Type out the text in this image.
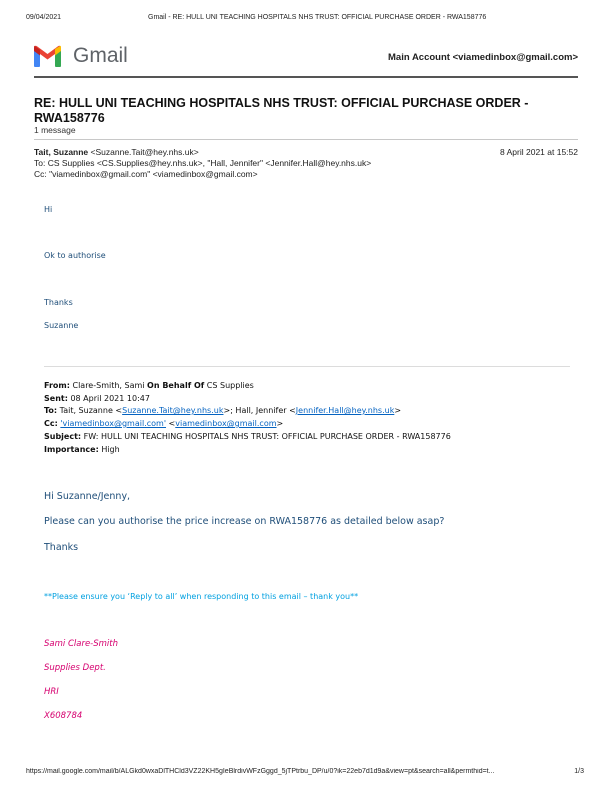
09/04/2021	Gmail - RE: HULL UNI TEACHING HOSPITALS NHS TRUST: OFFICIAL PURCHASE ORDER - RWA158776
Gmail	Main Account <viamedinbox@gmail.com>
RE: HULL UNI TEACHING HOSPITALS NHS TRUST: OFFICIAL PURCHASE ORDER - RWA158776
1 message
Tait, Suzanne <Suzanne.Tait@hey.nhs.uk>	8 April 2021 at 15:52
To: CS Supplies <CS.Supplies@hey.nhs.uk>, "Hall, Jennifer" <Jennifer.Hall@hey.nhs.uk>
Cc: "viamedinbox@gmail.com" <viamedinbox@gmail.com>
Hi
Ok to authorise
Thanks
Suzanne
From: Clare-Smith, Sami On Behalf Of CS Supplies
Sent: 08 April 2021 10:47
To: Tait, Suzanne <Suzanne.Tait@hey.nhs.uk>; Hall, Jennifer <Jennifer.Hall@hey.nhs.uk>
Cc: 'viamedinbox@gmail.com' <viamedinbox@gmail.com>
Subject: FW: HULL UNI TEACHING HOSPITALS NHS TRUST: OFFICIAL PURCHASE ORDER - RWA158776
Importance: High
Hi Suzanne/Jenny,
Please can you authorise the price increase on RWA158776 as detailed below asap?
Thanks
**Please ensure you ‘Reply to all’ when responding to this email – thank you**
Sami Clare-Smith
Supplies Dept.
HRI
X608784
https://mail.google.com/mail/b/ALGkd0wxaDlTHCld3VZ22KH5gIeBlrdivWFzGggd_5jTPtrbu_DP/u/0?ik=22eb7d1d9a&view=pt&search=all&permthid=t...	1/3
